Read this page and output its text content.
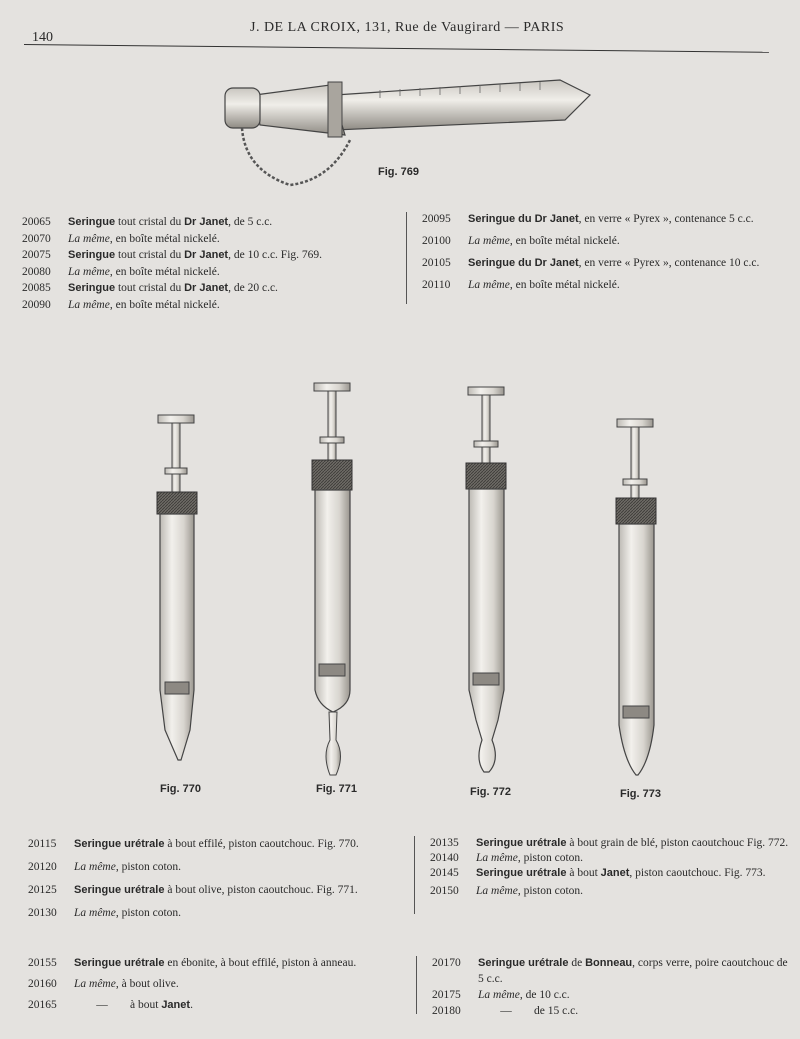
140
J. DE LA CROIX, 131, Rue de Vaugirard — PARIS
Fig. 769
Fig. 770	Fig. 771	Fig. 772	Fig. 773
20065	Seringue tout cristal du Dr Janet, de 5 c.c.
20070	La même, en boîte métal nickelé.
20075	Seringue tout cristal du Dr Janet, de 10 c.c. Fig. 769.
20080	La même, en boîte métal nickelé.
20085	Seringue tout cristal du Dr Janet, de 20 c.c.
20090	La même, en boîte métal nickelé.
20095	Seringue du Dr Janet, en verre « Pyrex », contenance 5 c.c.
20100	La même, en boîte métal nickelé.
20105	Seringue du Dr Janet, en verre « Pyrex », contenance 10 c.c.
20110	La même, en boîte métal nickelé.
20115	Seringue urétrale à bout effilé, piston caoutchouc. Fig. 770.
20120	La même, piston coton.
20125	Seringue urétrale à bout olive, piston caoutchouc. Fig. 771.
20130	La même, piston coton.
20135	Seringue urétrale à bout grain de blé, piston caoutchouc Fig. 772.
20140	La même, piston coton.
20145	Seringue urétrale à bout Janet, piston caoutchouc. Fig. 773.
20150	La même, piston coton.
20155	Seringue urétrale en ébonite, à bout effilé, piston à anneau.
20160	La même, à bout olive.
20165	— à bout Janet.
20170	Seringue urétrale de Bonneau, corps verre, poire caoutchouc de 5 c.c.
20175	La même, de 10 c.c.
20180	— de 15 c.c.
